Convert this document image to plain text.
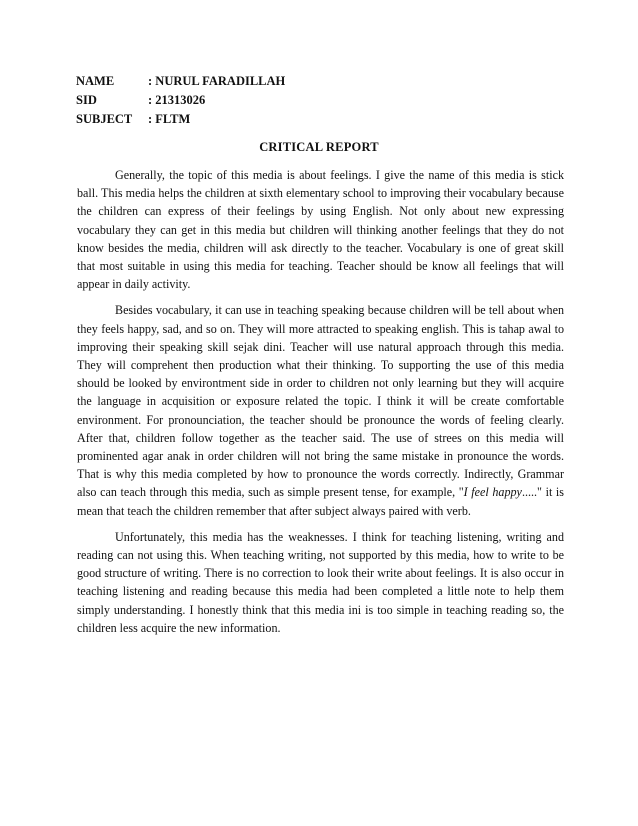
NAME	: NURUL FARADILLAH
SID	: 21313026
SUBJECT	: FLTM
CRITICAL REPORT

Generally, the topic of this media is about feelings. I give the name of this media is stick ball. This media helps the children at sixth elementary school to improving their vocabulary because the children can express of their feelings by using English. Not only about new expressing vocabulary they can get in this media but children will thinking another feelings that they do not know besides the media, children will ask directly to the teacher. Vocabulary is one of great skill that most suitable in using this media for teaching. Teacher should be know all feelings that will appear in daily activity.

Besides vocabulary, it can use in teaching speaking because children will be tell about when they feels happy, sad, and so on. They will more attracted to speaking english. This is tahap awal to improving their speaking skill sejak dini. Teacher will use natural approach through this media. They will comprehent then production what their thinking. To supporting the use of this media should be looked by environtment side in order to children not only learning but they will acquire the language in acquisition or exposure related the topic. I think it will be create comfortable environment. For pronounciation, the teacher should be pronounce the words of feeling clearly. After that, children follow together as the teacher said. The use of strees on this media will prominented agar anak in order children will not bring the same mistake in pronounce the words. That is why this media completed by how to pronounce the words correctly. Indirectly, Grammar also can teach through this media, such as simple present tense, for example, "I feel happy....." it is mean that teach the children remember that after subject always paired with verb.

Unfortunately, this media has the weaknesses. I think for teaching listening, writing and reading can not using this. When teaching writing, not supported by this media, how to write to be good structure of writing. There is no correction to look their write about feelings. It is also occur in teaching listening and reading because this media had been completed a little note to help them simply understanding. I honestly think that this media ini is too simple in teaching reading so, the children less acquire the new information.
